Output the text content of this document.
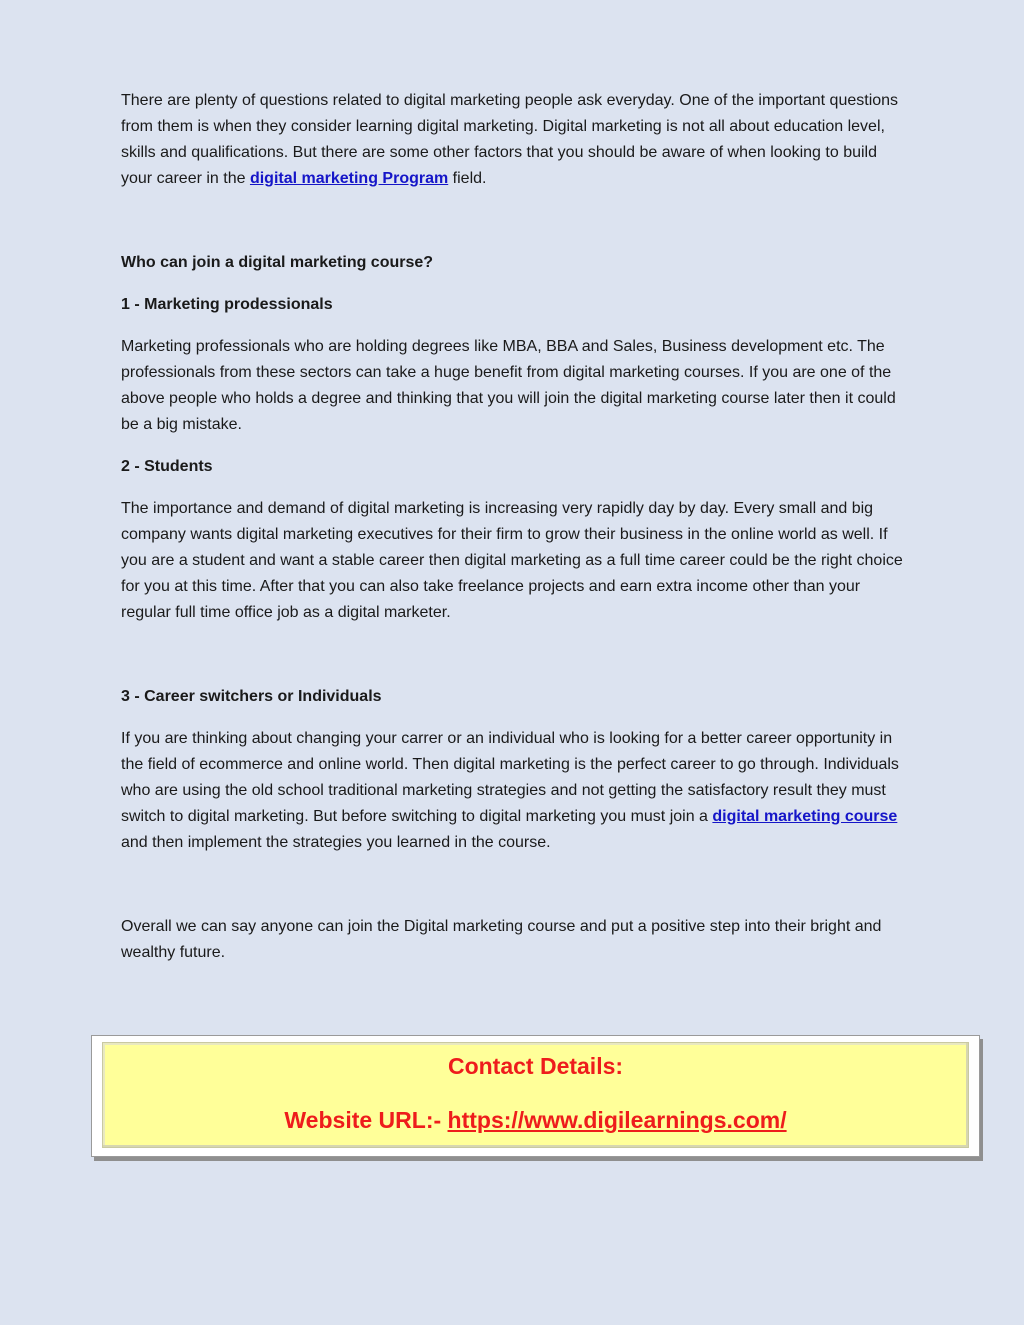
There are plenty of questions related to digital marketing people ask everyday. One of the important questions from them is when they consider learning digital marketing. Digital marketing is not all about education level, skills and qualifications. But there are some other factors that you should be aware of when looking to build your career in the digital marketing Program field.

Who can join a digital marketing course?

1 - Marketing prodessionals

Marketing professionals who are holding degrees like MBA, BBA and Sales, Business development etc. The professionals from these sectors can take a huge benefit from digital marketing courses. If you are one of the above people who holds a degree and thinking that you will join the digital marketing course later then it could be a big mistake.

2 - Students

The importance and demand of digital marketing is increasing very rapidly day by day. Every small and big company wants digital marketing executives for their firm to grow their business in the online world as well. If you are a student and want a stable career then digital marketing as a full time career could be the right choice for you at this time. After that you can also take freelance projects and earn extra income other than your regular full time office job as a digital marketer.

3 - Career switchers or Individuals

If you are thinking about changing your carrer or an individual who is looking for a better career opportunity in the field of ecommerce and online world. Then digital marketing is the perfect career to go through. Individuals who are using the old school traditional marketing strategies and not getting the satisfactory result they must switch to digital marketing. But before switching to digital marketing you must join a digital marketing course and then implement the strategies you learned in the course.

Overall we can say anyone can join the Digital marketing course and put a positive step into their bright and wealthy future.

Contact Details:
Website URL:- https://www.digilearnings.com/
